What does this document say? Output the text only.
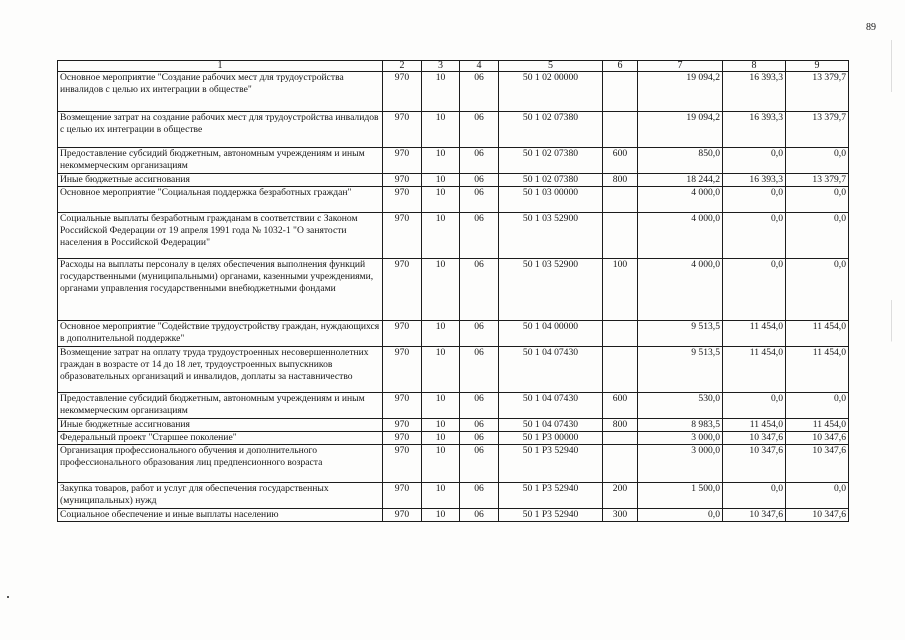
89
1	2	3	4	5	6	7	8	9
Основное мероприятие "Создание рабочих мест для трудоустройства инвалидов с целью их интеграции в обществе"	970	10	06	50 1 02 00000		19 094,2	16 393,3	13 379,7
Возмещение затрат на создание рабочих мест для трудоустройства инвалидов с целью их интеграции в обществе	970	10	06	50 1 02 07380		19 094,2	16 393,3	13 379,7
Предоставление субсидий бюджетным, автономным учреждениям и иным некоммерческим организациям	970	10	06	50 1 02 07380	600	850,0	0,0	0,0
Иные бюджетные ассигнования	970	10	06	50 1 02 07380	800	18 244,2	16 393,3	13 379,7
Основное мероприятие "Социальная поддержка безработных граждан"	970	10	06	50 1 03 00000		4 000,0	0,0	0,0
Социальные выплаты безработным гражданам в соответствии с Законом Российской Федерации от 19 апреля 1991 года № 1032-1 "О занятости населения в Российской Федерации"	970	10	06	50 1 03 52900		4 000,0	0,0	0,0
Расходы на выплаты персоналу в целях обеспечения выполнения функций государственными (муниципальными) органами, казенными учреждениями, органами управления государственными внебюджетными фондами	970	10	06	50 1 03 52900	100	4 000,0	0,0	0,0
Основное мероприятие "Содействие трудоустройству граждан, нуждающихся в дополнительной поддержке"	970	10	06	50 1 04 00000		9 513,5	11 454,0	11 454,0
Возмещение затрат на оплату труда трудоустроенных несовершеннолетних граждан в возрасте от 14 до 18 лет, трудоустроенных выпускников образовательных организаций и инвалидов, доплаты за наставничество	970	10	06	50 1 04 07430		9 513,5	11 454,0	11 454,0
Предоставление субсидий бюджетным, автономным учреждениям и иным некоммерческим организациям	970	10	06	50 1 04 07430	600	530,0	0,0	0,0
Иные бюджетные ассигнования	970	10	06	50 1 04 07430	800	8 983,5	11 454,0	11 454,0
Федеральный проект "Старшее поколение"	970	10	06	50 1 P3 00000		3 000,0	10 347,6	10 347,6
Организация профессионального обучения и дополнительного профессионального образования лиц предпенсионного возраста	970	10	06	50 1 P3 52940		3 000,0	10 347,6	10 347,6
Закупка товаров, работ и услуг для обеспечения государственных (муниципальных) нужд	970	10	06	50 1 P3 52940	200	1 500,0	0,0	0,0
Социальное обеспечение и иные выплаты населению	970	10	06	50 1 P3 52940	300	0,0	10 347,6	10 347,6
